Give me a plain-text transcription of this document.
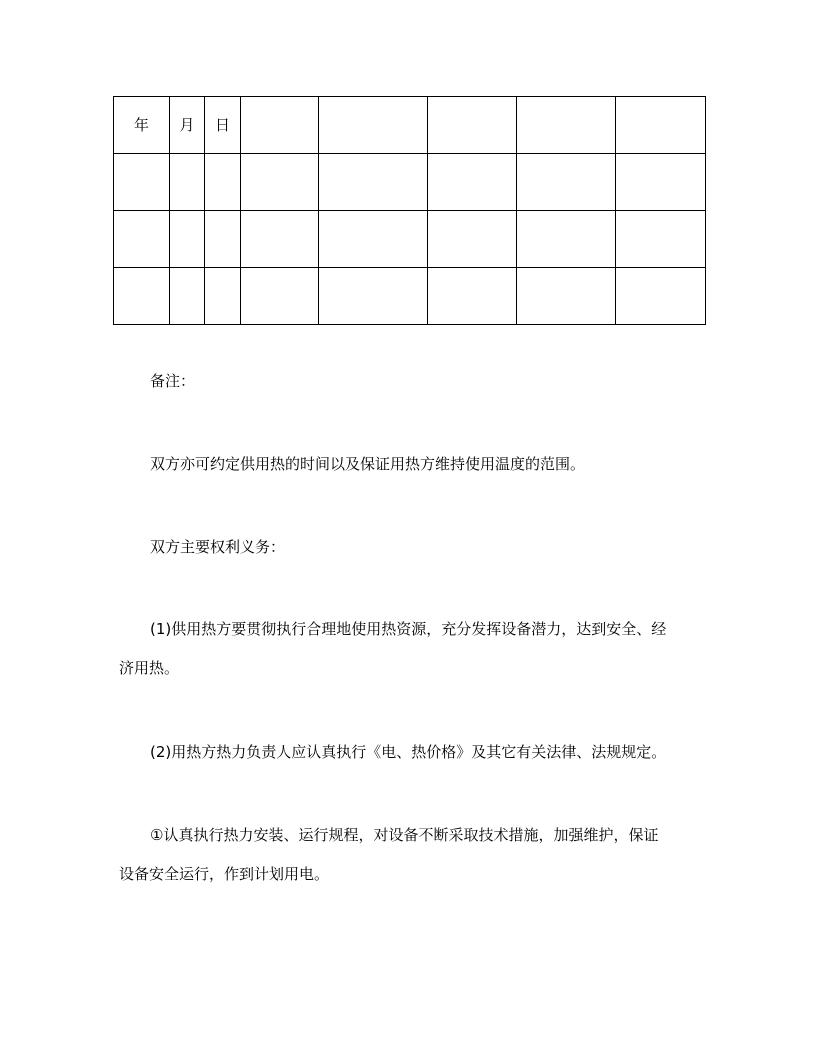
年	月	日					

备注：

双方亦可约定供用热的时间以及保证用热方维持使用温度的范围。

双方主要权利义务：

(1)供用热方要贯彻执行合理地使用热资源，充分发挥设备潜力，达到安全、经
济用热。

(2)用热方热力负责人应认真执行《电、热价格》及其它有关法律、法规规定。

①认真执行热力安装、运行规程，对设备不断采取技术措施，加强维护，保证
设备安全运行，作到计划用电。
